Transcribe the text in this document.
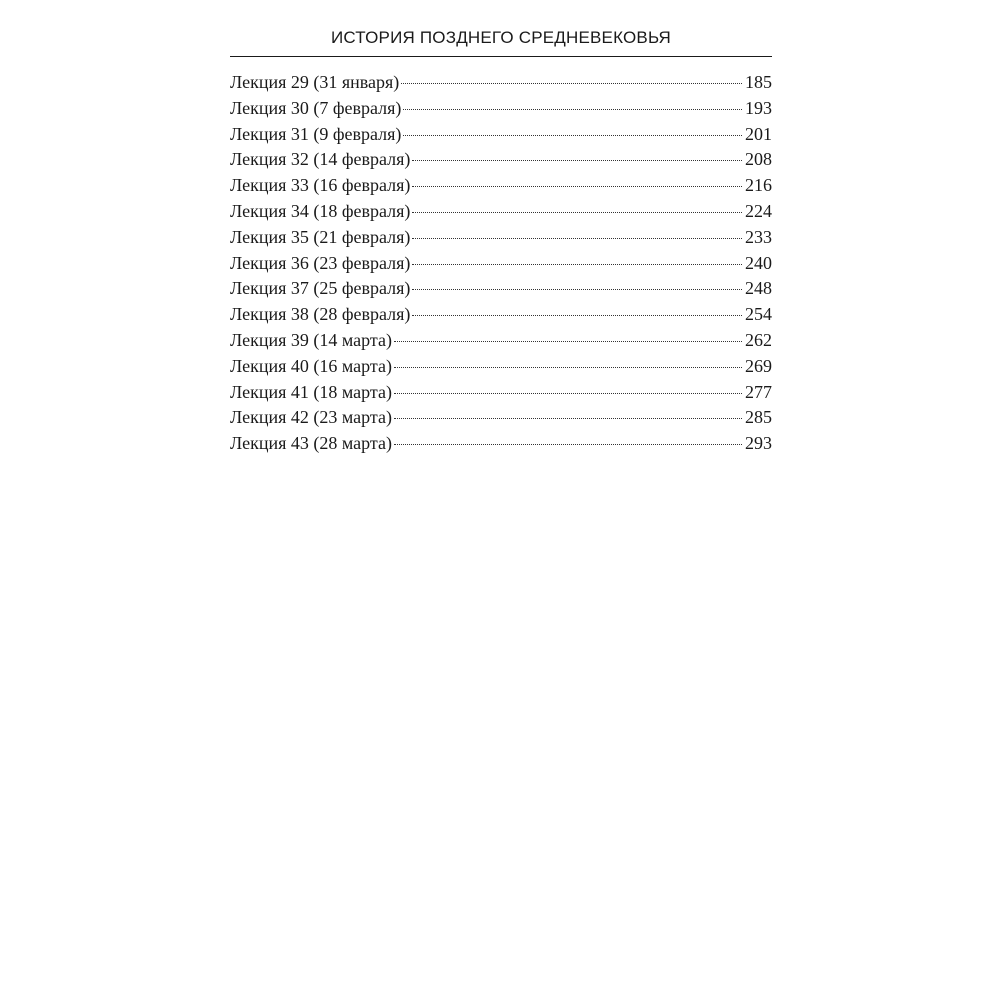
ИСТОРИЯ ПОЗДНЕГО СРЕДНЕВЕКОВЬЯ
Лекция 29 (31 января)	185
Лекция 30 (7 февраля)	193
Лекция 31 (9 февраля)	201
Лекция 32 (14 февраля)	208
Лекция 33 (16 февраля)	216
Лекция 34 (18 февраля)	224
Лекция 35 (21 февраля)	233
Лекция 36 (23 февраля)	240
Лекция 37 (25 февраля)	248
Лекция 38 (28 февраля)	254
Лекция 39 (14 марта)	262
Лекция 40 (16 марта)	269
Лекция 41 (18 марта)	277
Лекция 42 (23 марта)	285
Лекция 43 (28 марта)	293
